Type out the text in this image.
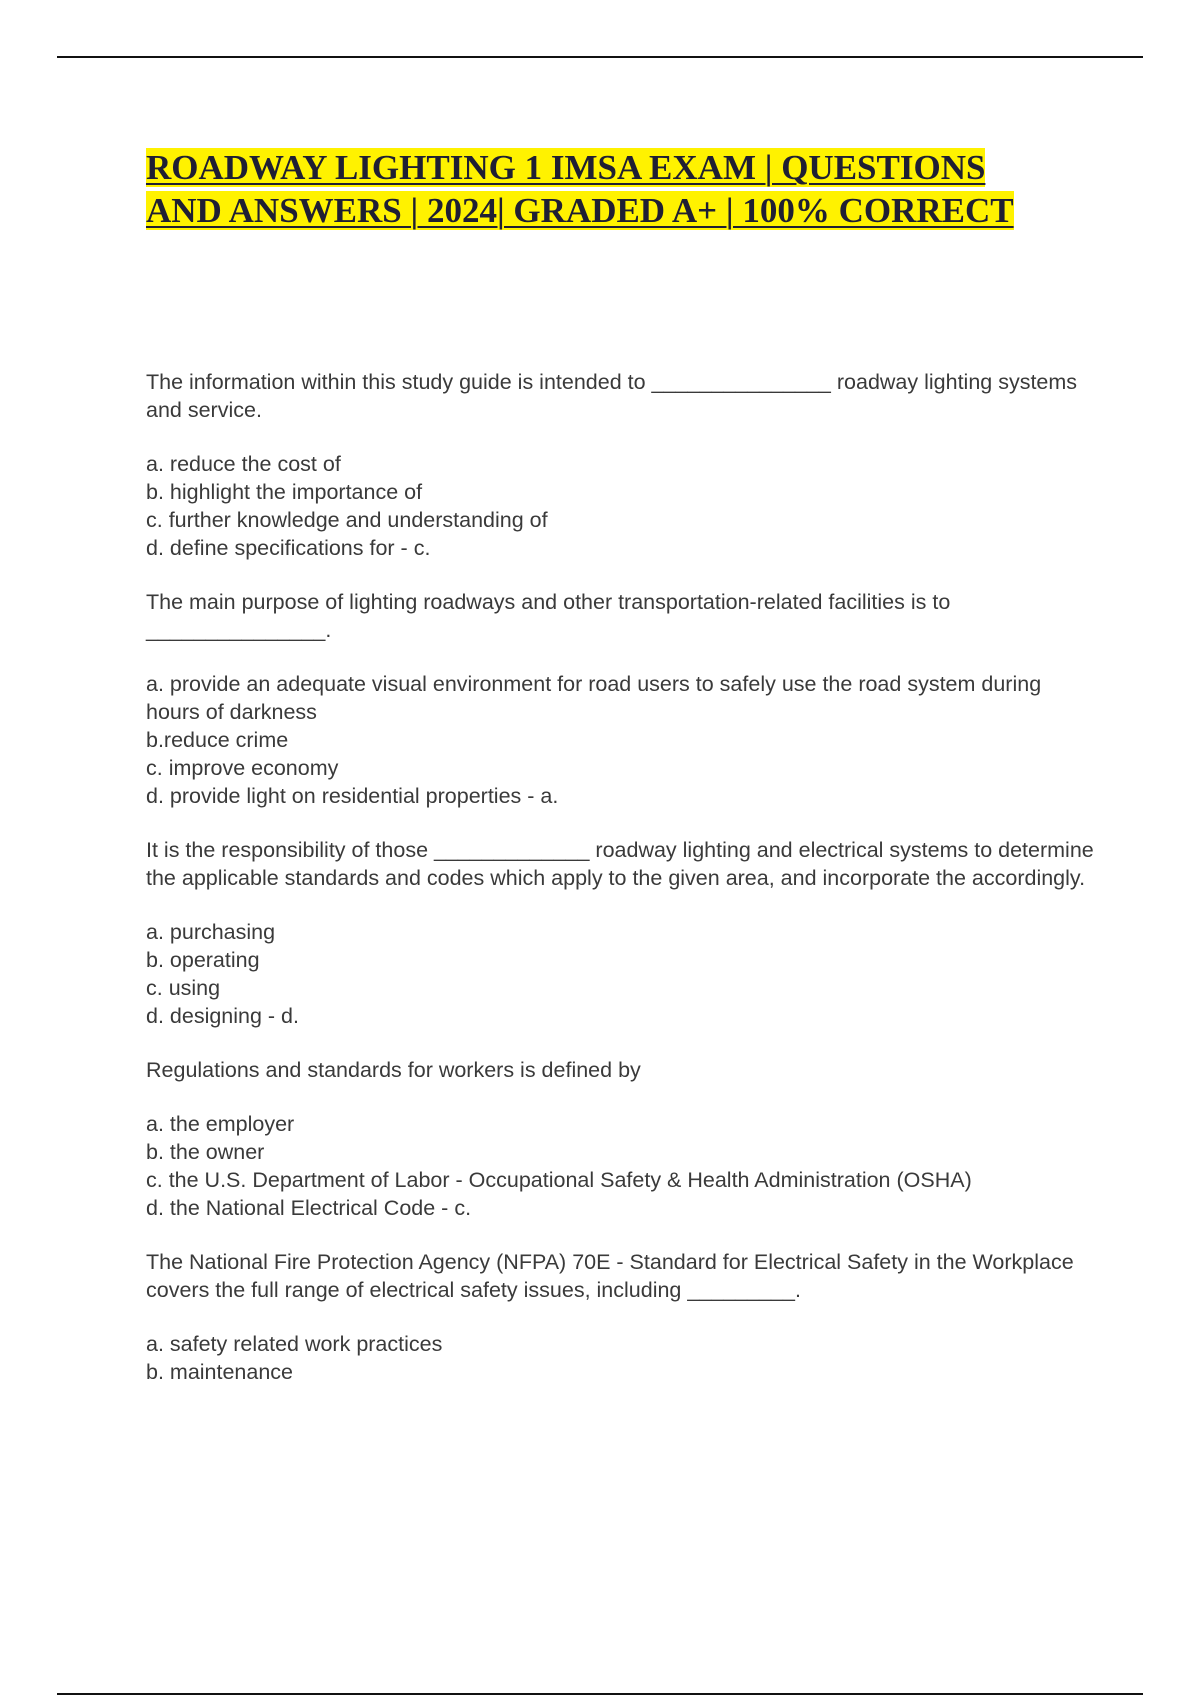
ROADWAY LIGHTING 1 IMSA EXAM | QUESTIONS
AND ANSWERS | 2024| GRADED A+ | 100% CORRECT

The information within this study guide is intended to _______________ roadway lighting systems and service.

a. reduce the cost of
b. highlight the importance of
c. further knowledge and understanding of
d. define specifications for - c.

The main purpose of lighting roadways and other transportation-related facilities is to _______________.

a. provide an adequate visual environment for road users to safely use the road system during hours of darkness
b.reduce crime
c. improve economy
d. provide light on residential properties - a.

It is the responsibility of those _____________ roadway lighting and electrical systems to determine the applicable standards and codes which apply to the given area, and incorporate the accordingly.

a. purchasing
b. operating
c. using
d. designing - d.

Regulations and standards for workers is defined by

a. the employer
b. the owner
c. the U.S. Department of Labor - Occupational Safety & Health Administration (OSHA)
d. the National Electrical Code - c.

The National Fire Protection Agency (NFPA) 70E - Standard for Electrical Safety in the Workplace covers the full range of electrical safety issues, including _________.

a. safety related work practices
b. maintenance
